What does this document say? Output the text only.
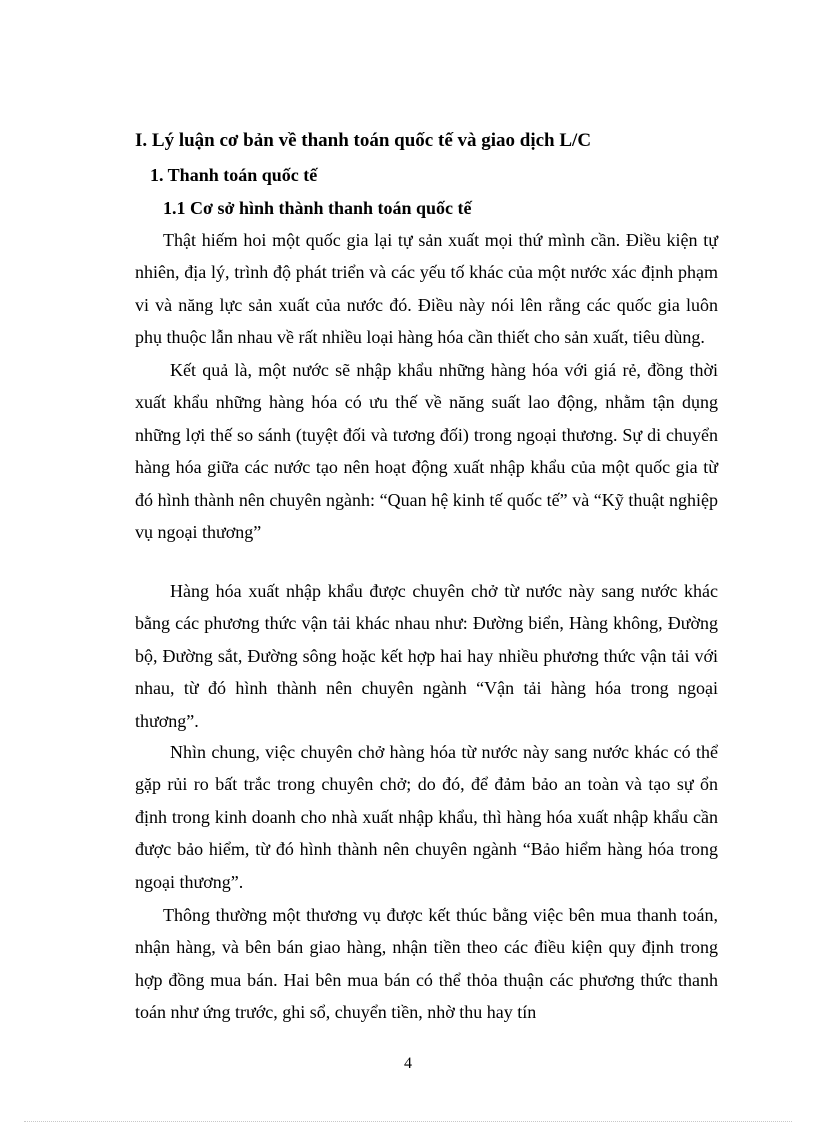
I. Lý luận cơ bản về thanh toán quốc tế và giao dịch L/C
1. Thanh toán quốc tế
1.1 Cơ sở hình thành thanh toán quốc tế

Thật hiếm hoi một quốc gia lại tự sản xuất mọi thứ mình cần. Điều kiện tự nhiên, địa lý, trình độ phát triển và các yếu tố khác của một nước xác định phạm vi và năng lực sản xuất của nước đó. Điều này nói lên rằng các quốc gia luôn phụ thuộc lẫn nhau về rất nhiều loại hàng hóa cần thiết cho sản xuất, tiêu dùng.

Kết quả là, một nước sẽ nhập khẩu những hàng hóa với giá rẻ, đồng thời xuất khẩu những hàng hóa có ưu thế về năng suất lao động, nhằm tận dụng những lợi thế so sánh (tuyệt đối và tương đối) trong ngoại thương. Sự di chuyển hàng hóa giữa các nước tạo nên hoạt động xuất nhập khẩu của một quốc gia từ đó hình thành nên chuyên ngành: “Quan hệ kinh tế quốc tế” và “Kỹ thuật nghiệp vụ ngoại thương”

Hàng hóa xuất nhập khẩu được chuyên chở từ nước này sang nước khác bằng các phương thức vận tải khác nhau như: Đường biển, Hàng không, Đường bộ, Đường sắt, Đường sông hoặc kết hợp hai hay nhiều phương thức vận tải với nhau, từ đó hình thành nên chuyên ngành “Vận tải hàng hóa trong ngoại thương”.

Nhìn chung, việc chuyên chở hàng hóa từ nước này sang nước khác có thể gặp rủi ro bất trắc trong chuyên chở; do đó, để đảm bảo an toàn và tạo sự ổn định trong kinh doanh cho nhà xuất nhập khẩu, thì hàng hóa xuất nhập khẩu cần được bảo hiểm, từ đó hình thành nên chuyên ngành “Bảo hiểm hàng hóa trong ngoại thương”.

Thông thường một thương vụ được kết thúc bằng việc bên mua thanh toán, nhận hàng, và bên bán giao hàng, nhận tiền theo các điều kiện quy định trong hợp đồng mua bán. Hai bên mua bán có thể thỏa thuận các phương thức thanh toán như ứng trước, ghi sổ, chuyển tiền, nhờ thu hay tín

4
